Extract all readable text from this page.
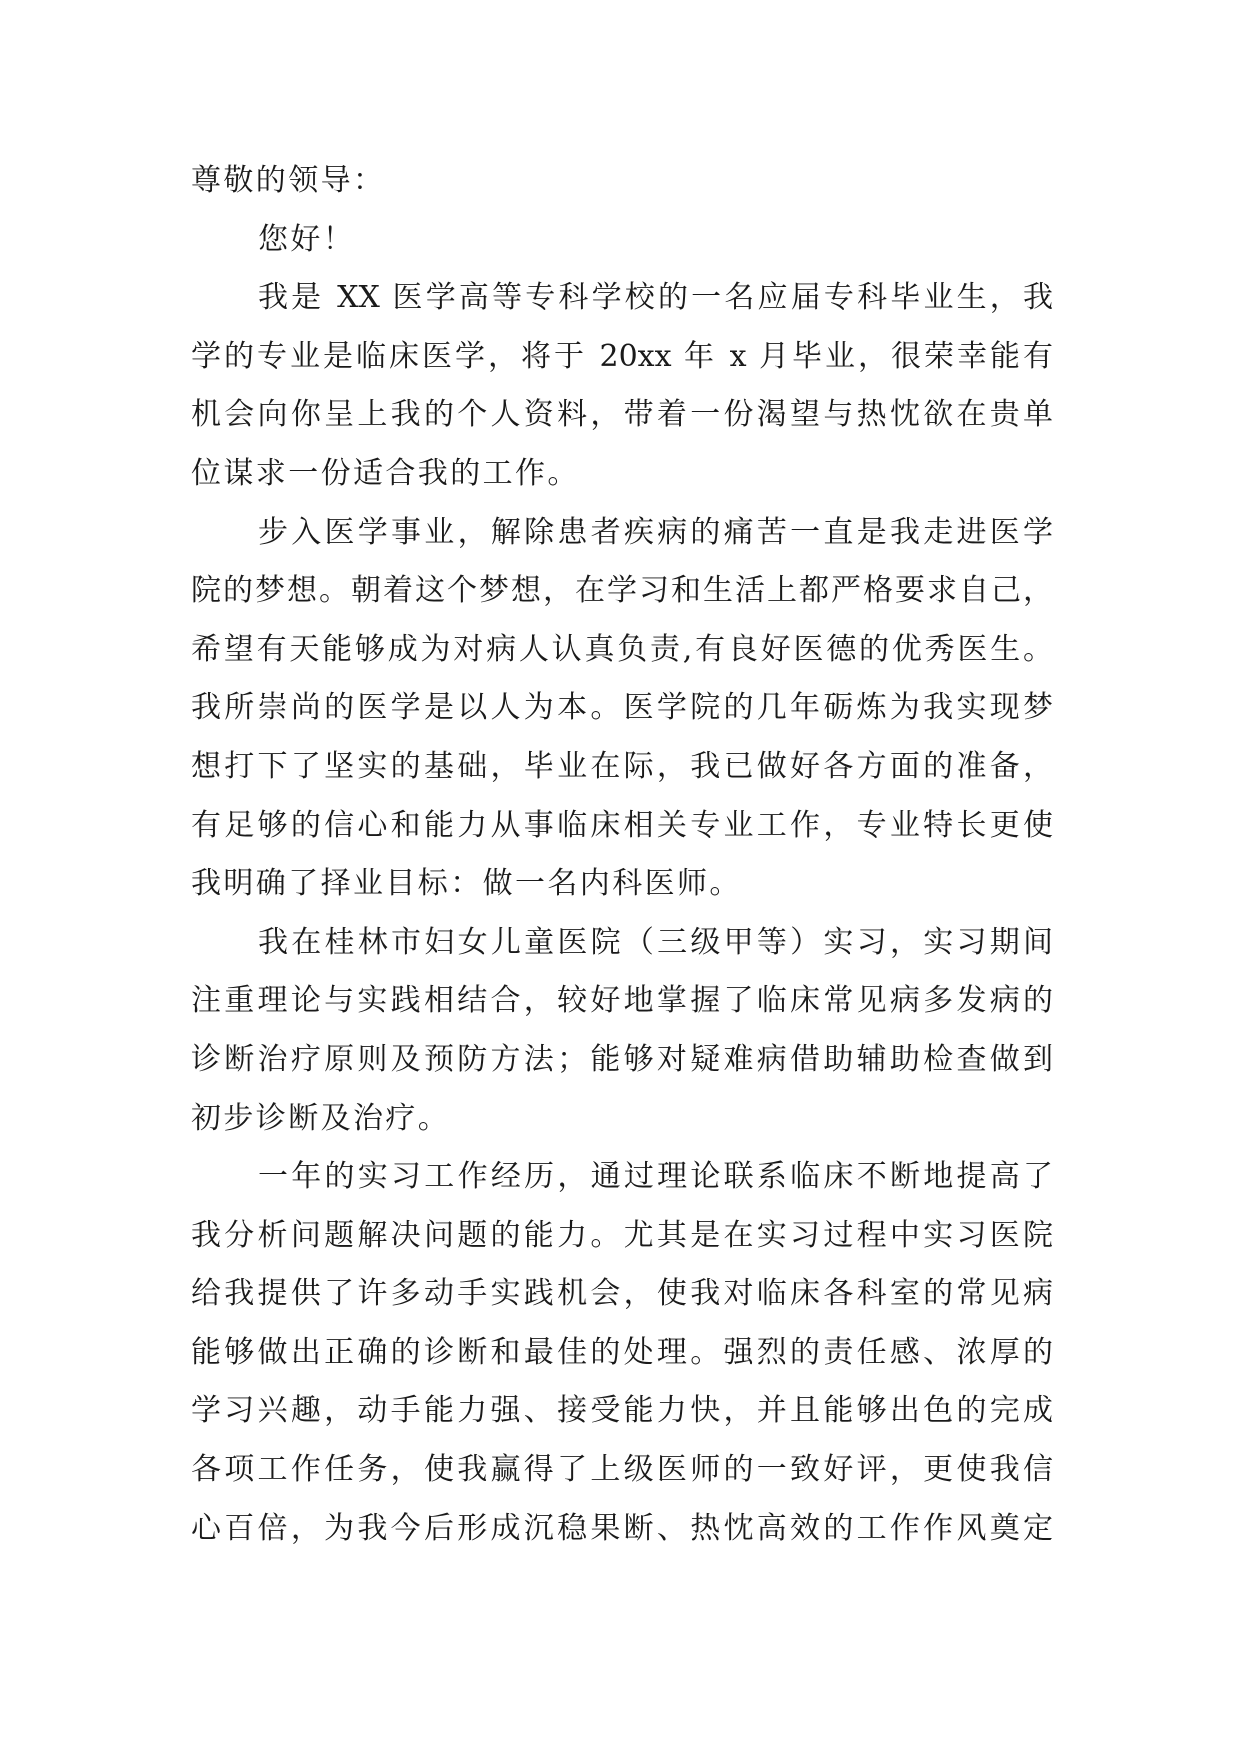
尊敬的领导：
您好！
我是 XX 医学高等专科学校的一名应届专科毕业生，我
学的专业是临床医学，将于 20xx 年 x 月毕业，很荣幸能有
机会向你呈上我的个人资料，带着一份渴望与热忱欲在贵单
位谋求一份适合我的工作。
步入医学事业，解除患者疾病的痛苦一直是我走进医学
院的梦想。朝着这个梦想，在学习和生活上都严格要求自己，
希望有天能够成为对病人认真负责,有良好医德的优秀医生。
我所崇尚的医学是以人为本。医学院的几年砺炼为我实现梦
想打下了坚实的基础，毕业在际，我已做好各方面的准备，
有足够的信心和能力从事临床相关专业工作，专业特长更使
我明确了择业目标：做一名内科医师。
我在桂林市妇女儿童医院（三级甲等）实习，实习期间
注重理论与实践相结合，较好地掌握了临床常见病多发病的
诊断治疗原则及预防方法；能够对疑难病借助辅助检查做到
初步诊断及治疗。
一年的实习工作经历，通过理论联系临床不断地提高了
我分析问题解决问题的能力。尤其是在实习过程中实习医院
给我提供了许多动手实践机会，使我对临床各科室的常见病
能够做出正确的诊断和最佳的处理。强烈的责任感、浓厚的
学习兴趣，动手能力强、接受能力快，并且能够出色的完成
各项工作任务，使我赢得了上级医师的一致好评，更使我信
心百倍，为我今后形成沉稳果断、热忱高效的工作作风奠定
